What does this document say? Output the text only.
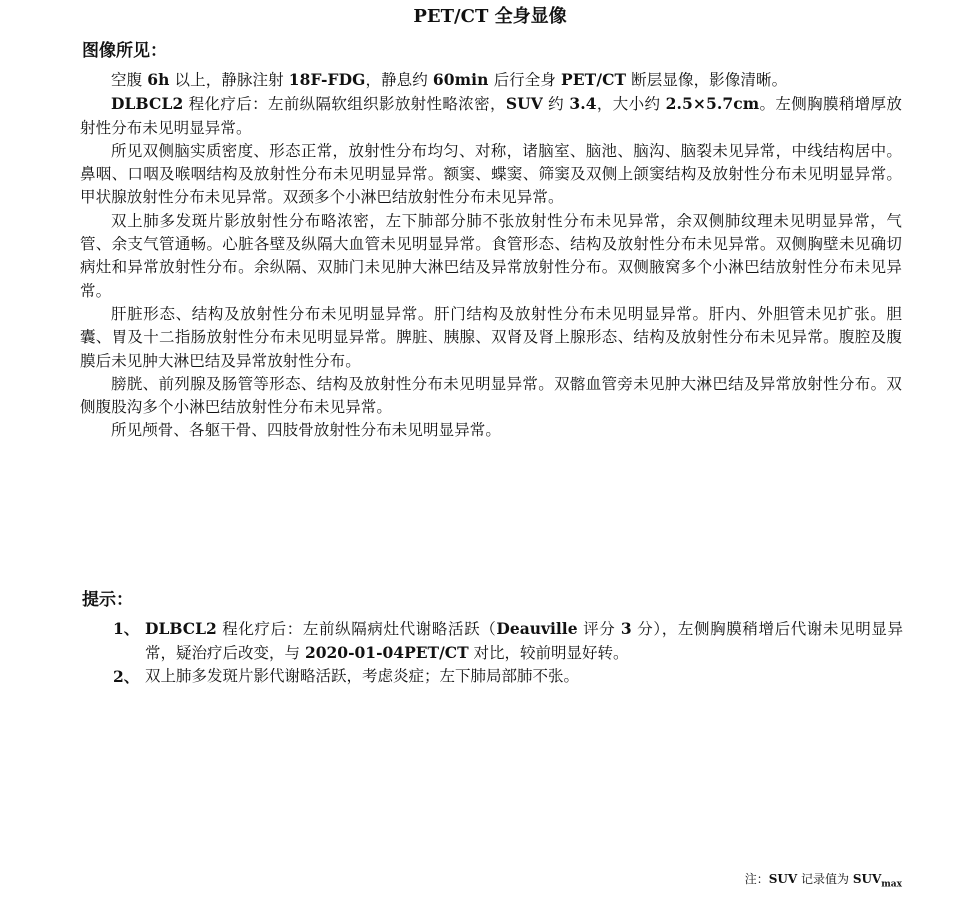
PET/CT 全身显像
图像所见：

空腹 6h 以上，静脉注射 18F-FDG，静息约 60min 后行全身 PET/CT 断层显像，影像清晰。

DLBCL2 程化疗后：左前纵隔软组织影放射性略浓密，SUV 约 3.4，大小约 2.5×5.7cm。左侧胸膜稍增厚放射性分布未见明显异常。

所见双侧脑实质密度、形态正常，放射性分布均匀、对称，诸脑室、脑池、脑沟、脑裂未见异常，中线结构居中。鼻咽、口咽及喉咽结构及放射性分布未见明显异常。额窦、蝶窦、筛窦及双侧上颌窦结构及放射性分布未见明显异常。甲状腺放射性分布未见异常。双颈多个小淋巴结放射性分布未见异常。

双上肺多发斑片影放射性分布略浓密，左下肺部分肺不张放射性分布未见异常，余双侧肺纹理未见明显异常，气管、余支气管通畅。心脏各壁及纵隔大血管未见明显异常。食管形态、结构及放射性分布未见异常。双侧胸壁未见确切病灶和异常放射性分布。余纵隔、双肺门未见肿大淋巴结及异常放射性分布。双侧腋窝多个小淋巴结放射性分布未见异常。

肝脏形态、结构及放射性分布未见明显异常。肝门结构及放射性分布未见明显异常。肝内、外胆管未见扩张。胆囊、胃及十二指肠放射性分布未见明显异常。脾脏、胰腺、双肾及肾上腺形态、结构及放射性分布未见异常。腹腔及腹膜后未见肿大淋巴结及异常放射性分布。

膀胱、前列腺及肠管等形态、结构及放射性分布未见明显异常。双髂血管旁未见肿大淋巴结及异常放射性分布。双侧腹股沟多个小淋巴结放射性分布未见异常。

所见颅骨、各躯干骨、四肢骨放射性分布未见明显异常。

提示：
1、 DLBCL2 程化疗后：左前纵隔病灶代谢略活跃（Deauville 评分 3 分），左侧胸膜稍增后代谢未见明显异常，疑治疗后改变，与 2020-01-04PET/CT 对比，较前明显好转。
2、 双上肺多发斑片影代谢略活跃，考虑炎症；左下肺局部肺不张。
注：SUV 记录值为 $SUV_{max}$
